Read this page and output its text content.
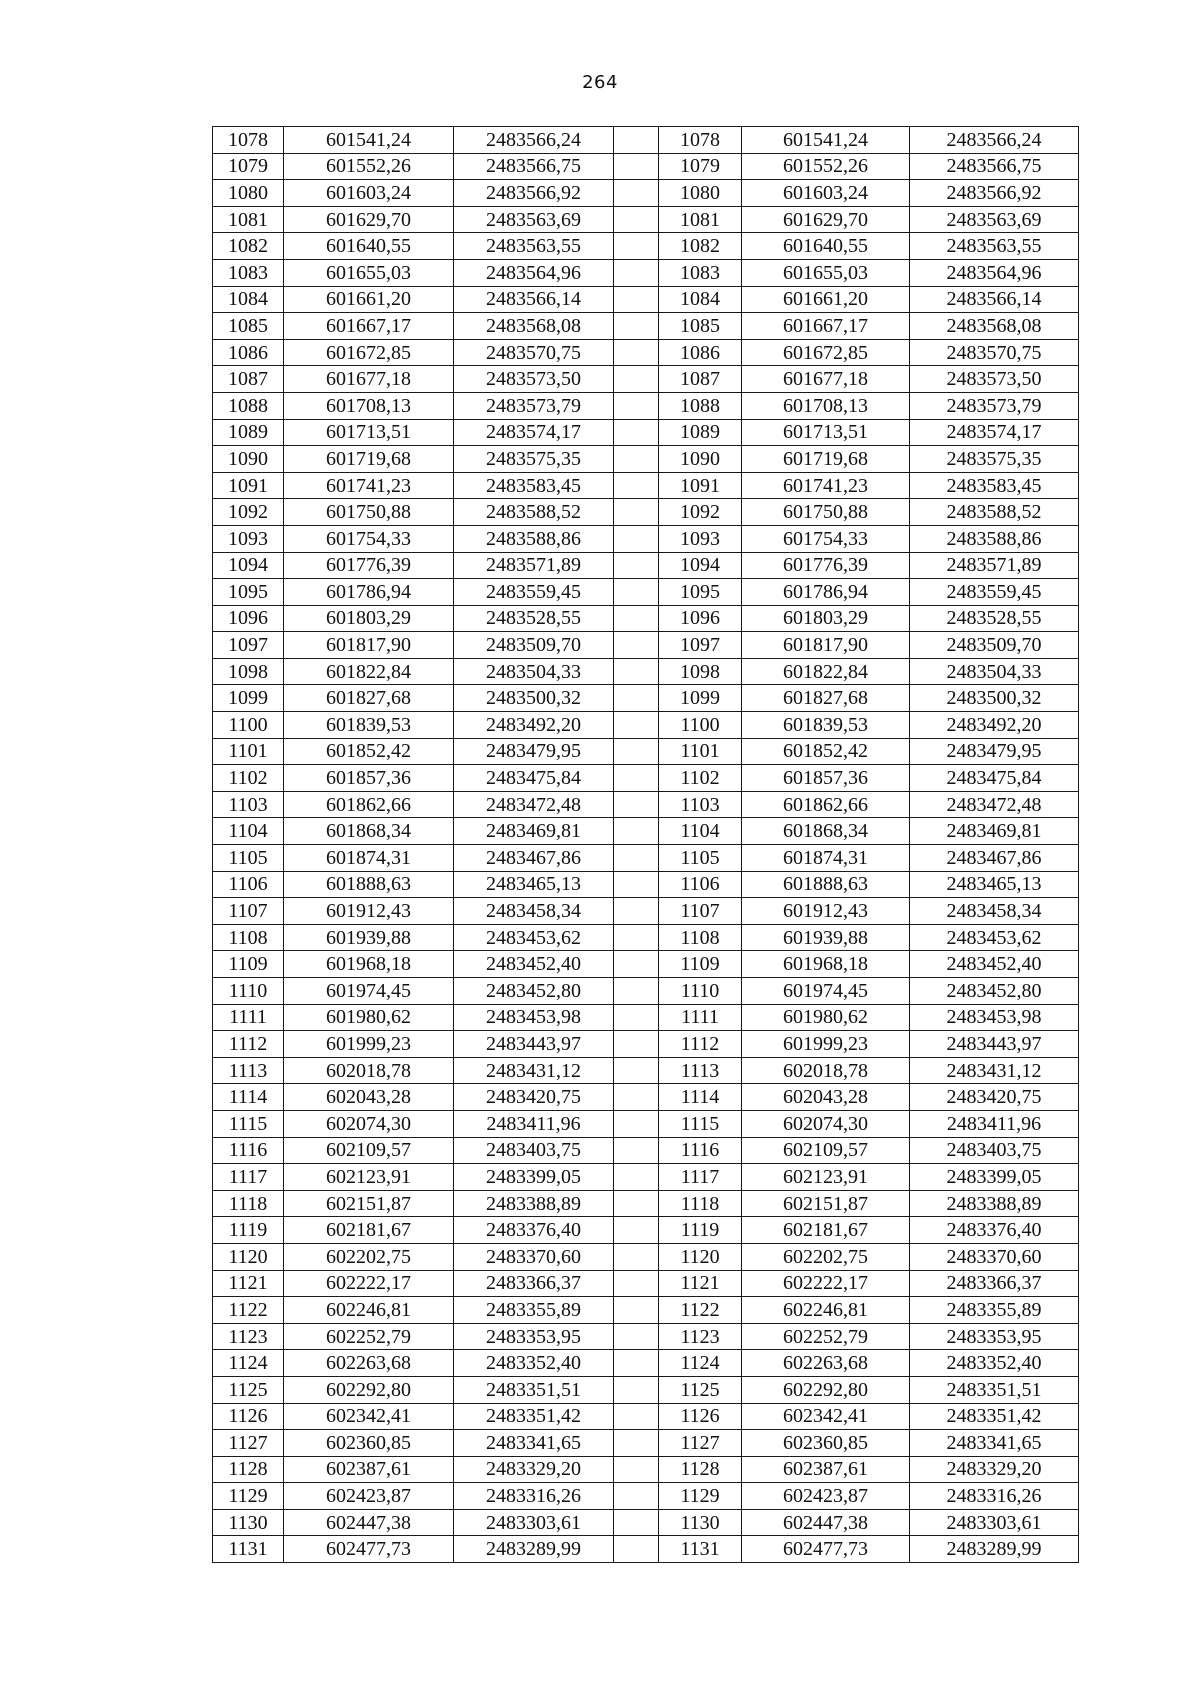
264
1078	601541,24	2483566,24		1078	601541,24	2483566,24
1079	601552,26	2483566,75		1079	601552,26	2483566,75
1080	601603,24	2483566,92		1080	601603,24	2483566,92
1081	601629,70	2483563,69		1081	601629,70	2483563,69
1082	601640,55	2483563,55		1082	601640,55	2483563,55
1083	601655,03	2483564,96		1083	601655,03	2483564,96
1084	601661,20	2483566,14		1084	601661,20	2483566,14
1085	601667,17	2483568,08		1085	601667,17	2483568,08
1086	601672,85	2483570,75		1086	601672,85	2483570,75
1087	601677,18	2483573,50		1087	601677,18	2483573,50
1088	601708,13	2483573,79		1088	601708,13	2483573,79
1089	601713,51	2483574,17		1089	601713,51	2483574,17
1090	601719,68	2483575,35		1090	601719,68	2483575,35
1091	601741,23	2483583,45		1091	601741,23	2483583,45
1092	601750,88	2483588,52		1092	601750,88	2483588,52
1093	601754,33	2483588,86		1093	601754,33	2483588,86
1094	601776,39	2483571,89		1094	601776,39	2483571,89
1095	601786,94	2483559,45		1095	601786,94	2483559,45
1096	601803,29	2483528,55		1096	601803,29	2483528,55
1097	601817,90	2483509,70		1097	601817,90	2483509,70
1098	601822,84	2483504,33		1098	601822,84	2483504,33
1099	601827,68	2483500,32		1099	601827,68	2483500,32
1100	601839,53	2483492,20		1100	601839,53	2483492,20
1101	601852,42	2483479,95		1101	601852,42	2483479,95
1102	601857,36	2483475,84		1102	601857,36	2483475,84
1103	601862,66	2483472,48		1103	601862,66	2483472,48
1104	601868,34	2483469,81		1104	601868,34	2483469,81
1105	601874,31	2483467,86		1105	601874,31	2483467,86
1106	601888,63	2483465,13		1106	601888,63	2483465,13
1107	601912,43	2483458,34		1107	601912,43	2483458,34
1108	601939,88	2483453,62		1108	601939,88	2483453,62
1109	601968,18	2483452,40		1109	601968,18	2483452,40
1110	601974,45	2483452,80		1110	601974,45	2483452,80
1111	601980,62	2483453,98		1111	601980,62	2483453,98
1112	601999,23	2483443,97		1112	601999,23	2483443,97
1113	602018,78	2483431,12		1113	602018,78	2483431,12
1114	602043,28	2483420,75		1114	602043,28	2483420,75
1115	602074,30	2483411,96		1115	602074,30	2483411,96
1116	602109,57	2483403,75		1116	602109,57	2483403,75
1117	602123,91	2483399,05		1117	602123,91	2483399,05
1118	602151,87	2483388,89		1118	602151,87	2483388,89
1119	602181,67	2483376,40		1119	602181,67	2483376,40
1120	602202,75	2483370,60		1120	602202,75	2483370,60
1121	602222,17	2483366,37		1121	602222,17	2483366,37
1122	602246,81	2483355,89		1122	602246,81	2483355,89
1123	602252,79	2483353,95		1123	602252,79	2483353,95
1124	602263,68	2483352,40		1124	602263,68	2483352,40
1125	602292,80	2483351,51		1125	602292,80	2483351,51
1126	602342,41	2483351,42		1126	602342,41	2483351,42
1127	602360,85	2483341,65		1127	602360,85	2483341,65
1128	602387,61	2483329,20		1128	602387,61	2483329,20
1129	602423,87	2483316,26		1129	602423,87	2483316,26
1130	602447,38	2483303,61		1130	602447,38	2483303,61
1131	602477,73	2483289,99		1131	602477,73	2483289,99
